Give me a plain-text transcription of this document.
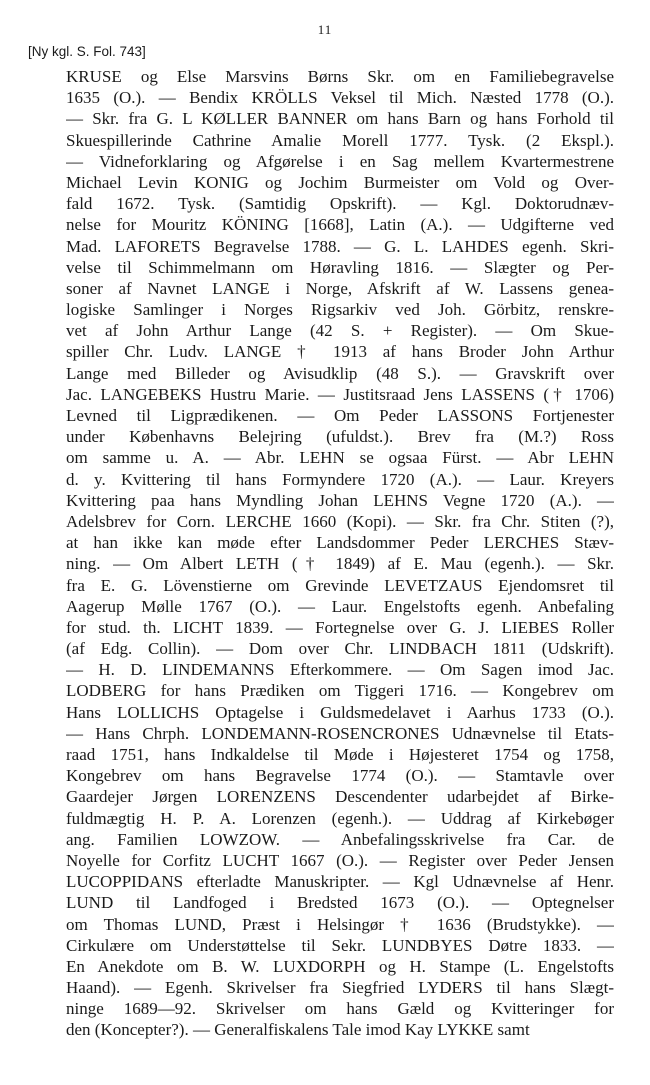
11
[Ny kgl. S. Fol. 743]
KRUSE og Else Marsvins Børns Skr. om en Familiebegravelse
1635 (O.). — Bendix KRÖLLS Veksel til Mich. Næsted 1778 (O.).
— Skr. fra G. L KØLLER BANNER om hans Barn og hans Forhold til
Skuespillerinde Cathrine Amalie Morell 1777. Tysk. (2 Ekspl.).
— Vidneforklaring og Afgørelse i en Sag mellem Kvartermestrene
Michael Levin KONIG og Jochim Burmeister om Vold og Over-
fald 1672. Tysk. (Samtidig Opskrift). — Kgl. Doktorudnæv-
nelse for Mouritz KÖNING [1668], Latin (A.). — Udgifterne ved
Mad. LAFORETS Begravelse 1788. — G. L. LAHDES egenh. Skri-
velse til Schimmelmann om Høravling 1816. — Slægter og Per-
soner af Navnet LANGE i Norge, Afskrift af W. Lassens genea-
logiske Samlinger i Norges Rigsarkiv ved Joh. Görbitz, renskre-
vet af John Arthur Lange (42 S. + Register). — Om Skue-
spiller Chr. Ludv. LANGE † 1913 af hans Broder John Arthur
Lange med Billeder og Avisudklip (48 S.). — Gravskrift over
Jac. LANGEBEKS Hustru Marie. — Justitsraad Jens LASSENS († 1706)
Levned til Ligprædikenen. — Om Peder LASSONS Fortjenester
under Københavns Belejring (ufuldst.). Brev fra (M.?) Ross
om samme u. A. — Abr. LEHN se ogsaa Fürst. — Abr LEHN
d. y. Kvittering til hans Formyndere 1720 (A.). — Laur. Kreyers
Kvittering paa hans Myndling Johan LEHNS Vegne 1720 (A.). —
Adelsbrev for Corn. LERCHE 1660 (Kopi). — Skr. fra Chr. Stiten (?),
at han ikke kan møde efter Landsdommer Peder LERCHES Stæv-
ning. — Om Albert LETH († 1849) af E. Mau (egenh.). — Skr.
fra E. G. Lövenstierne om Grevinde LEVETZAUS Ejendomsret til
Aagerup Mølle 1767 (O.). — Laur. Engelstofts egenh. Anbefaling
for stud. th. LICHT 1839. — Fortegnelse over G. J. LIEBES Roller
(af Edg. Collin). — Dom over Chr. LINDBACH 1811 (Udskrift).
— H. D. LINDEMANNS Efterkommere. — Om Sagen imod Jac.
LODBERG for hans Prædiken om Tiggeri 1716. — Kongebrev om
Hans LOLLICHS Optagelse i Guldsmedelavet i Aarhus 1733 (O.).
— Hans Chrph. LONDEMANN-ROSENCRONES Udnævnelse til Etats-
raad 1751, hans Indkaldelse til Møde i Højesteret 1754 og 1758,
Kongebrev om hans Begravelse 1774 (O.). — Stamtavle over
Gaardejer Jørgen LORENZENS Descendenter udarbejdet af Birke-
fuldmægtig H. P. A. Lorenzen (egenh.). — Uddrag af Kirkebøger
ang. Familien LOWZOW. — Anbefalingsskrivelse fra Car. de
Noyelle for Corfitz LUCHT 1667 (O.). — Register over Peder Jensen
LUCOPPIDANS efterladte Manuskripter. — Kgl Udnævnelse af Henr.
LUND til Landfoged i Bredsted 1673 (O.). — Optegnelser
om Thomas LUND, Præst i Helsingør † 1636 (Brudstykke). —
Cirkulære om Understøttelse til Sekr. LUNDBYES Døtre 1833. —
En Anekdote om B. W. LUXDORPH og H. Stampe (L. Engelstofts
Haand). — Egenh. Skrivelser fra Siegfried LYDERS til hans Slægt-
ninge 1689—92. Skrivelser om hans Gæld og Kvitteringer for
den (Koncepter?). — Generalfiskalens Tale imod Kay LYKKE samt
